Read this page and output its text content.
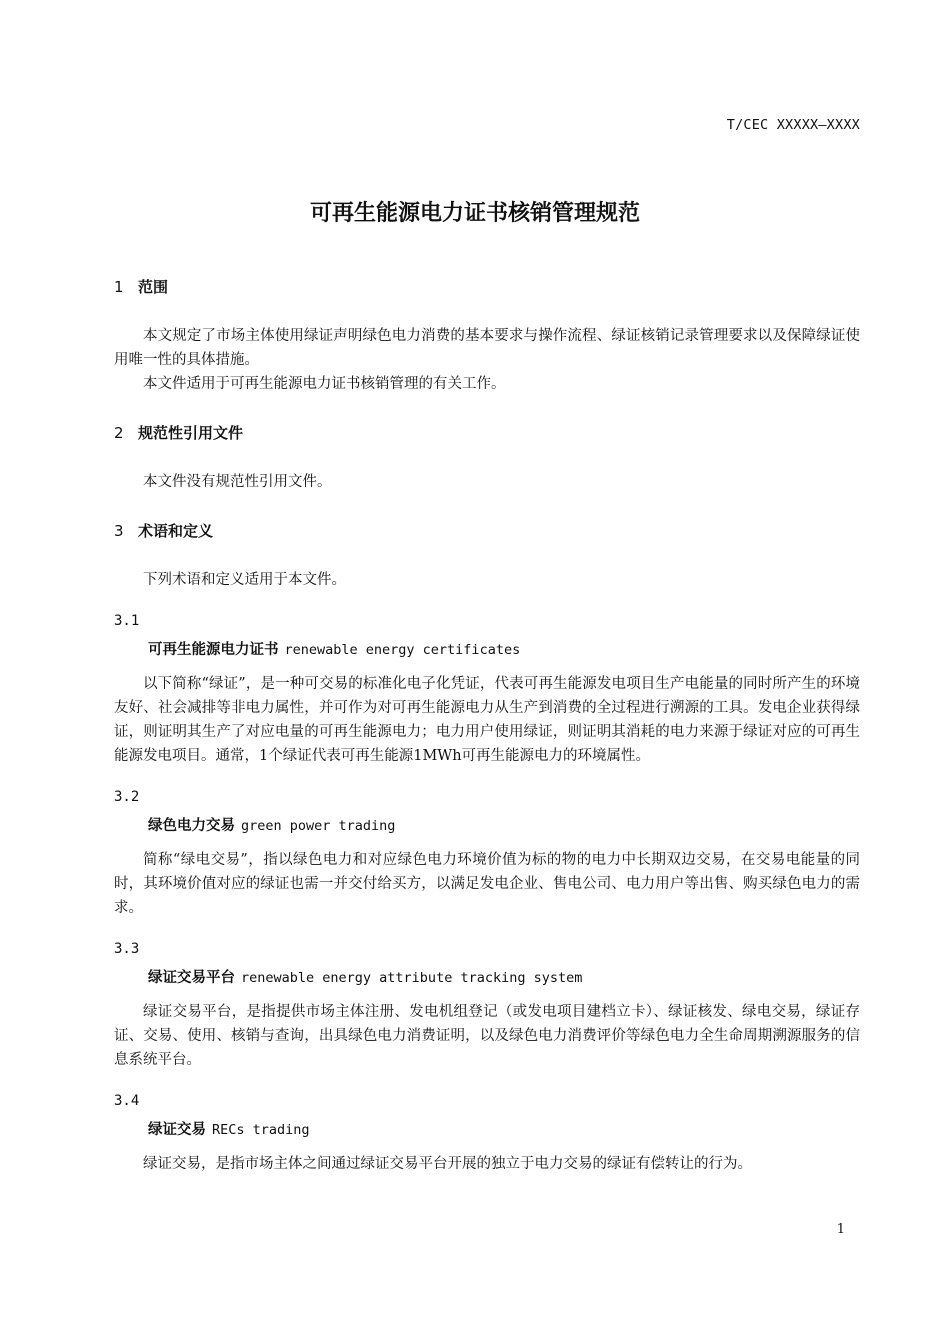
T/CEC XXXXX—XXXX
可再生能源电力证书核销管理规范
1 范围

本文规定了市场主体使用绿证声明绿色电力消费的基本要求与操作流程、绿证核销记录管理要求以及保障绿证使用唯一性的具体措施。

本文件适用于可再生能源电力证书核销管理的有关工作。

2 规范性引用文件

本文件没有规范性引用文件。

3 术语和定义

下列术语和定义适用于本文件。

3.1
可再生能源电力证书 renewable energy certificates

以下简称“绿证”，是一种可交易的标准化电子化凭证，代表可再生能源发电项目生产电能量的同时所产生的环境友好、社会减排等非电力属性，并可作为对可再生能源电力从生产到消费的全过程进行溯源的工具。发电企业获得绿证，则证明其生产了对应电量的可再生能源电力；电力用户使用绿证，则证明其消耗的电力来源于绿证对应的可再生能源发电项目。通常，1个绿证代表可再生能源1MWh可再生能源电力的环境属性。

3.2
绿色电力交易 green power trading

简称“绿电交易”，指以绿色电力和对应绿色电力环境价值为标的物的电力中长期双边交易，在交易电能量的同时，其环境价值对应的绿证也需一并交付给买方，以满足发电企业、售电公司、电力用户等出售、购买绿色电力的需求。

3.3
绿证交易平台 renewable energy attribute tracking system

绿证交易平台，是指提供市场主体注册、发电机组登记（或发电项目建档立卡）、绿证核发、绿电交易，绿证存证、交易、使用、核销与查询，出具绿色电力消费证明，以及绿色电力消费评价等绿色电力全生命周期溯源服务的信息系统平台。

3.4
绿证交易 RECs trading

绿证交易，是指市场主体之间通过绿证交易平台开展的独立于电力交易的绿证有偿转让的行为。

1
